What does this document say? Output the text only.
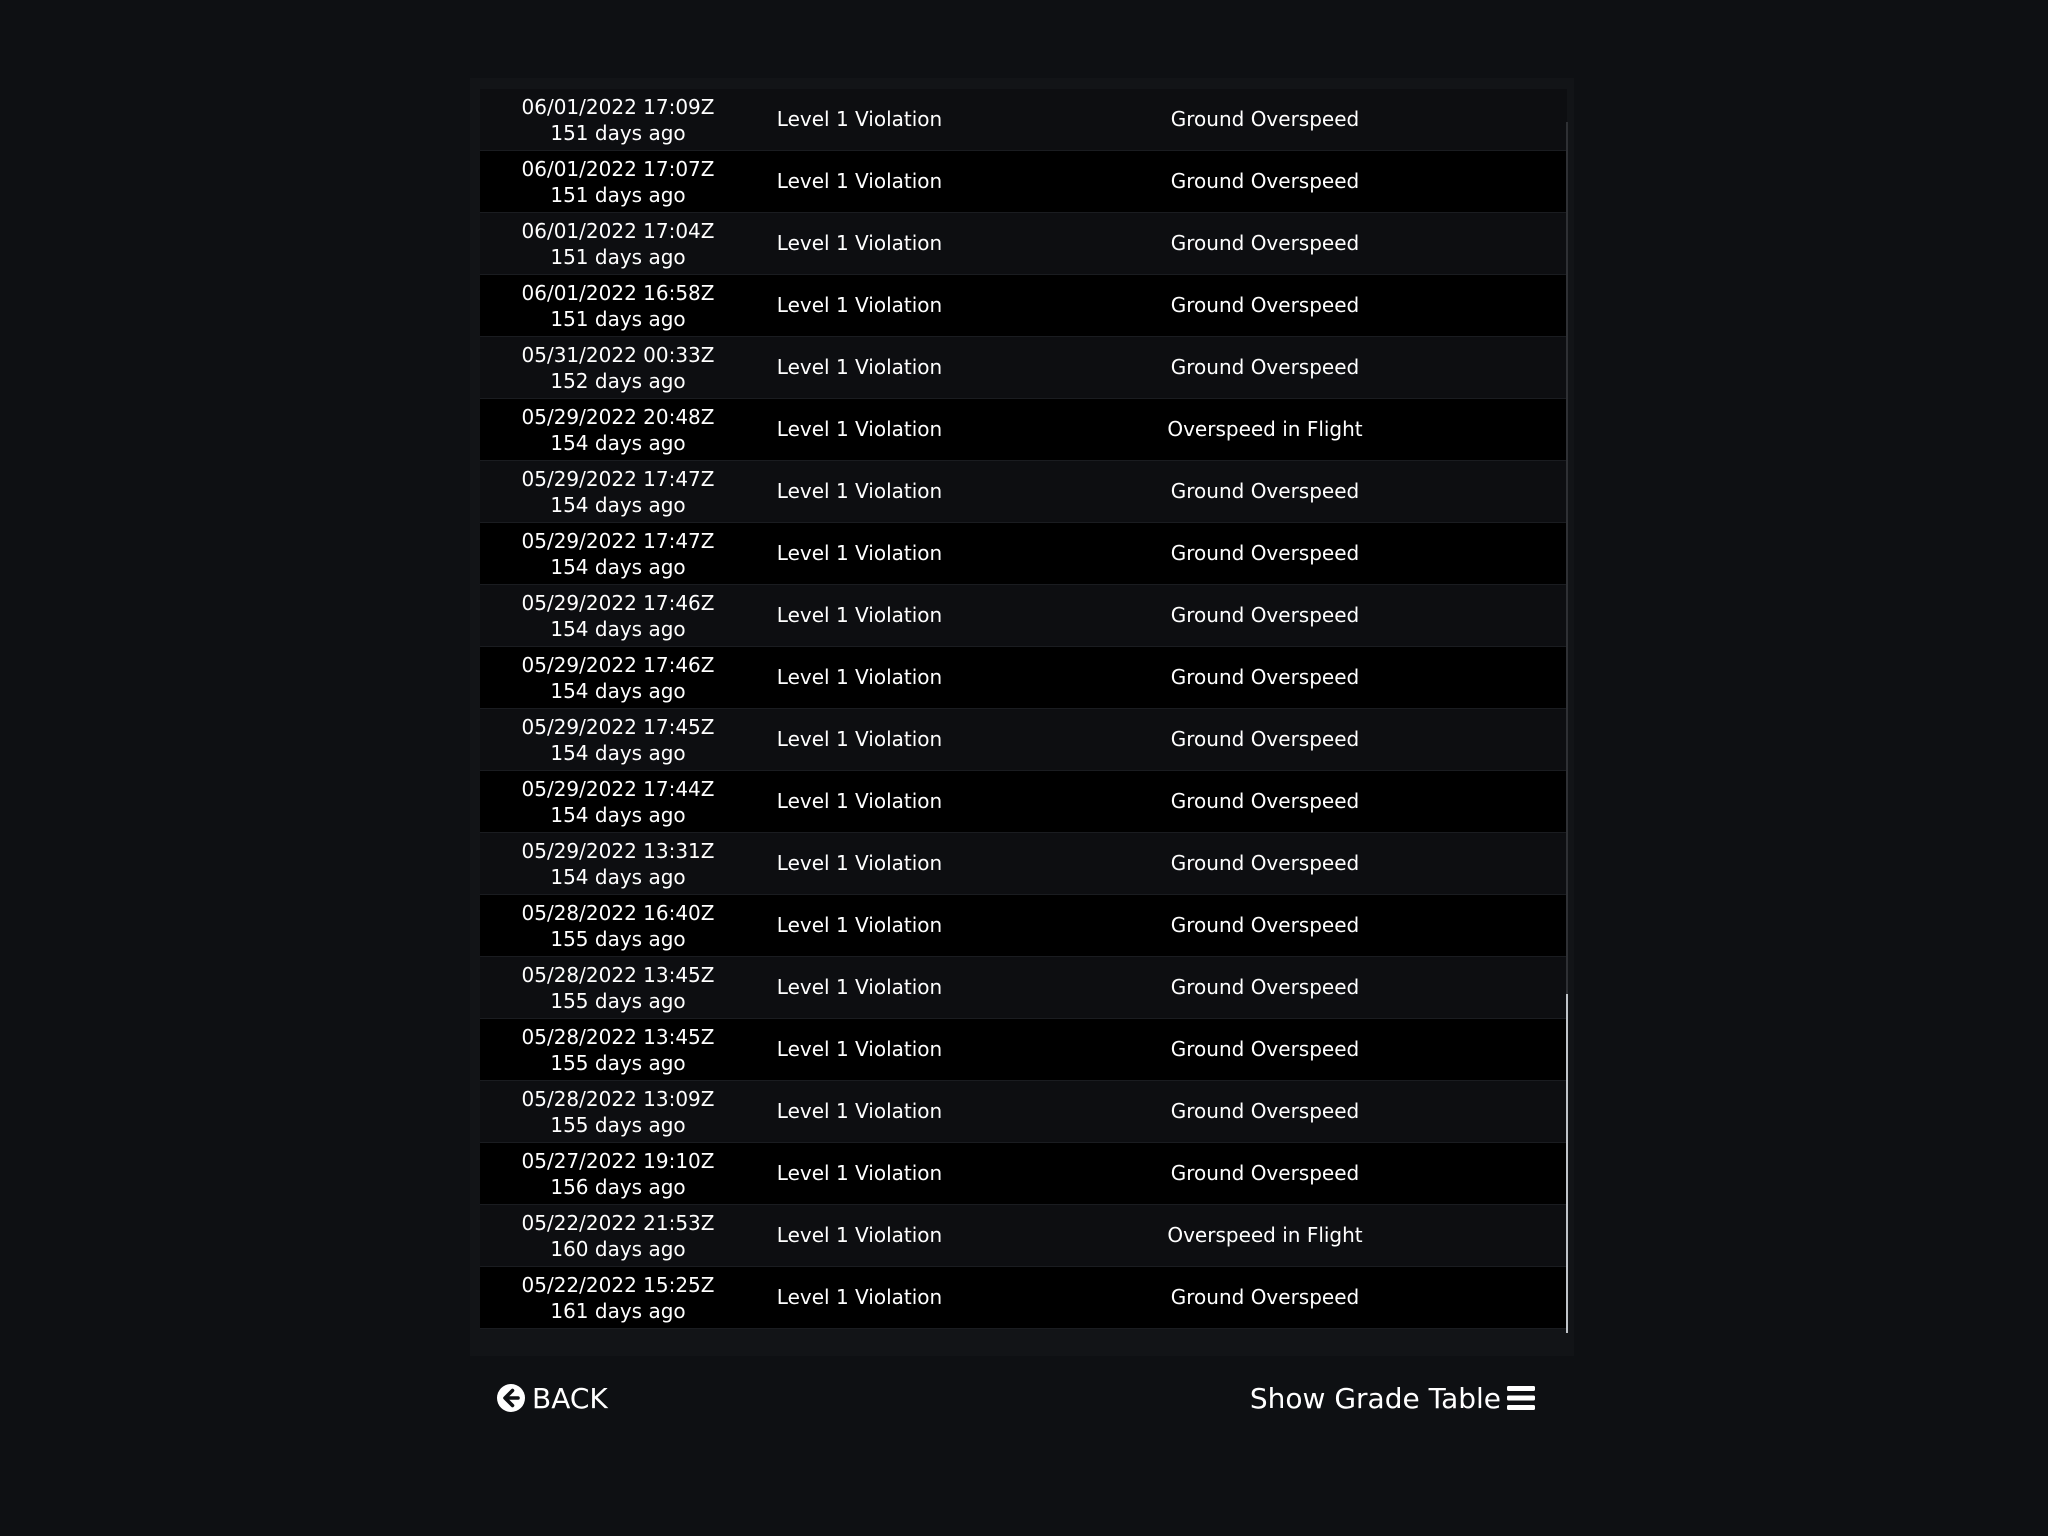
06/01/2022 17:09Z
151 days ago
Level 1 Violation	Ground Overspeed
06/01/2022 17:07Z
151 days ago
Level 1 Violation	Ground Overspeed
06/01/2022 17:04Z
151 days ago
Level 1 Violation	Ground Overspeed
06/01/2022 16:58Z
151 days ago
Level 1 Violation	Ground Overspeed
05/31/2022 00:33Z
152 days ago
Level 1 Violation	Ground Overspeed
05/29/2022 20:48Z
154 days ago
Level 1 Violation	Overspeed in Flight
05/29/2022 17:47Z
154 days ago
Level 1 Violation	Ground Overspeed
05/29/2022 17:47Z
154 days ago
Level 1 Violation	Ground Overspeed
05/29/2022 17:46Z
154 days ago
Level 1 Violation	Ground Overspeed
05/29/2022 17:46Z
154 days ago
Level 1 Violation	Ground Overspeed
05/29/2022 17:45Z
154 days ago
Level 1 Violation	Ground Overspeed
05/29/2022 17:44Z
154 days ago
Level 1 Violation	Ground Overspeed
05/29/2022 13:31Z
154 days ago
Level 1 Violation	Ground Overspeed
05/28/2022 16:40Z
155 days ago
Level 1 Violation	Ground Overspeed
05/28/2022 13:45Z
155 days ago
Level 1 Violation	Ground Overspeed
05/28/2022 13:45Z
155 days ago
Level 1 Violation	Ground Overspeed
05/28/2022 13:09Z
155 days ago
Level 1 Violation	Ground Overspeed
05/27/2022 19:10Z
156 days ago
Level 1 Violation	Ground Overspeed
05/22/2022 21:53Z
160 days ago
Level 1 Violation	Overspeed in Flight
05/22/2022 15:25Z
161 days ago
Level 1 Violation	Ground Overspeed
BACK	Show Grade Table
